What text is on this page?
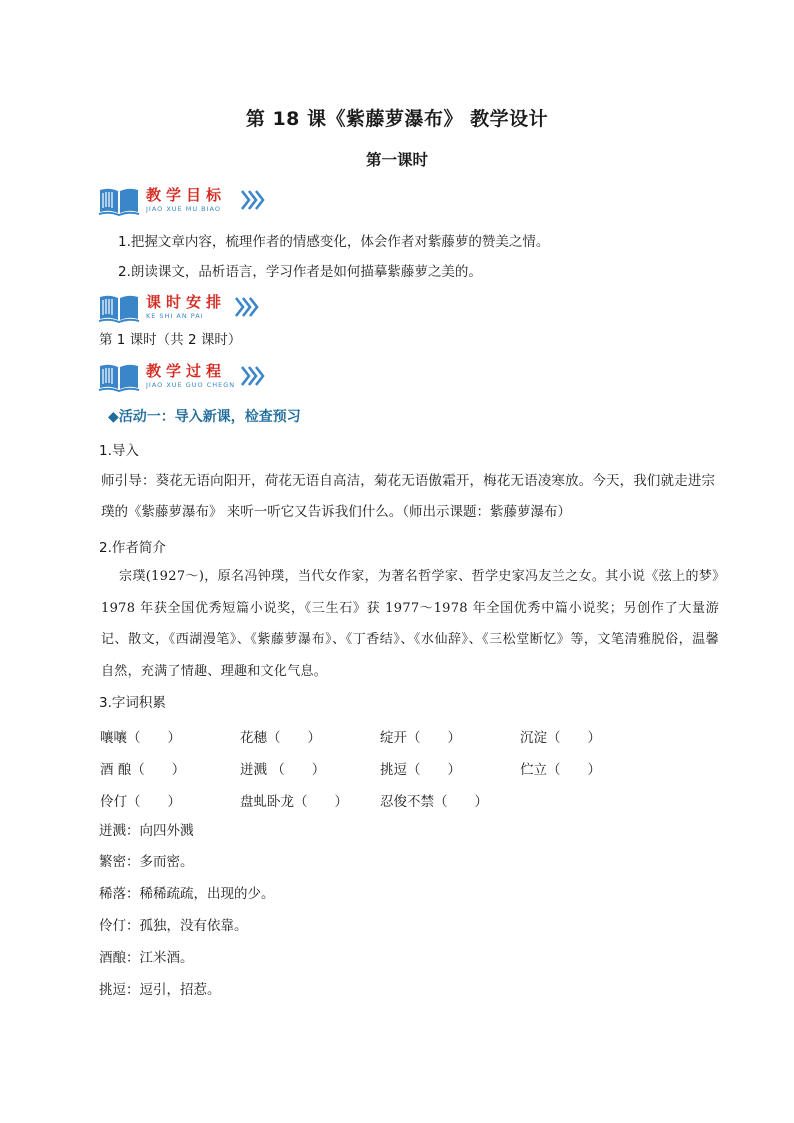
第 18 课《紫藤萝瀑布》 教学设计
第一课时
教学目标
JIAO XUE MU BIAO
1.把握文章内容，梳理作者的情感变化，体会作者对紫藤萝的赞美之情。
2.朗读课文，品析语言，学习作者是如何描摹紫藤萝之美的。
课时安排
KE SHI AN PAI
第 1 课时（共 2 课时）
教学过程
JIAO XUE GUO CHEGN
◆活动一：导入新课，检查预习
1.导入
师引导：葵花无语向阳开，荷花无语自高洁，菊花无语傲霜开，梅花无语凌寒放。今天，我们就走进宗璞的《紫藤萝瀑布》 来听一听它又告诉我们什么。（师出示课题：紫藤萝瀑布）
2.作者简介
宗璞(1927～)，原名冯钟璞，当代女作家，为著名哲学家、哲学史家冯友兰之女。其小说《弦上的梦》1978 年获全国优秀短篇小说奖，《三生石》获 1977～1978 年全国优秀中篇小说奖；另创作了大量游记、散文，《西湖漫笔》、《紫藤萝瀑布》、《丁香结》、《水仙辞》、《三松堂断忆》等，文笔清雅脱俗，温馨自然，充满了情趣、理趣和文化气息。
3.字词积累
嚷嚷（　　）	花穗（　　）	绽开（　　）	沉淀（　　）
酒 酿（　　）	迸溅 （　　）	挑逗（　　）	伫立（　　）
伶仃（　　）	盘虬卧龙（　　） 忍俊不禁（　　）
迸溅：向四外溅
繁密：多而密。
稀落：稀稀疏疏，出现的少。
伶仃：孤独，没有依靠。
酒酿：江米酒。
挑逗：逗引，招惹。
